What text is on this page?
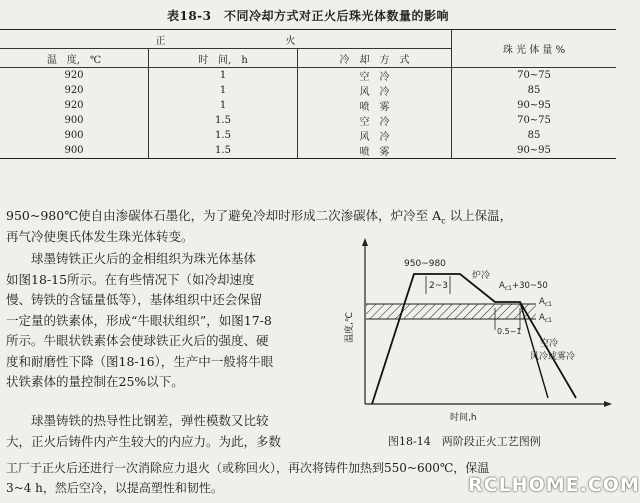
表18-3　不同冷却方式对正火后珠光体数量的影响
正　　　　　　　　　　　　火			珠 光 体 量 %
温　度,　℃	时　间,　h	冷　却　方　式	
920	1	空　冷	70~75
920	1	风　冷	85
920	1	喷　雾	90~95
900	1.5	空　冷	70~75
900	1.5	风　冷	85
900	1.5	喷　雾	90~95
950~980℃使自由渗碳体石墨化，为了避免冷却时形成二次渗碳体，炉冷至 $A_c$ 以上保温，
再气冷使奥氏体发生珠光体转变。
球墨铸铁正火后的金相组织为珠光体基体
如图18-15所示。在有些情况下（如冷却速度
慢、铸铁的含锰量低等），基体组织中还会保留
一定量的铁素体，形成“牛眼状组织”，如图17-8
所示。牛眼状铁素体会使球铁正火后的强度、硬
度和耐磨性下降（图18-16），生产中一般将牛眼
状铁素体的量控制在25%以下。
球墨铸铁的热导性比钢差，弹性模数又比较
大，正火后铸件内产生较大的内应力。为此，多数
工厂于正火后还进行一次消除应力退火（或称回火），再次将铸件加热到550~600℃，保温
3~4 h，然后空冷，以提高塑性和韧性。
950~980
2~3
炉冷
$A_{c1}+30\sim 50$
$A_{c1}$
$A_{c1}$
0.5~1
空冷
风冷或雾冷
温度,℃
时间,h
图18-14　两阶段正火工艺图例
RCLHOME.COM
